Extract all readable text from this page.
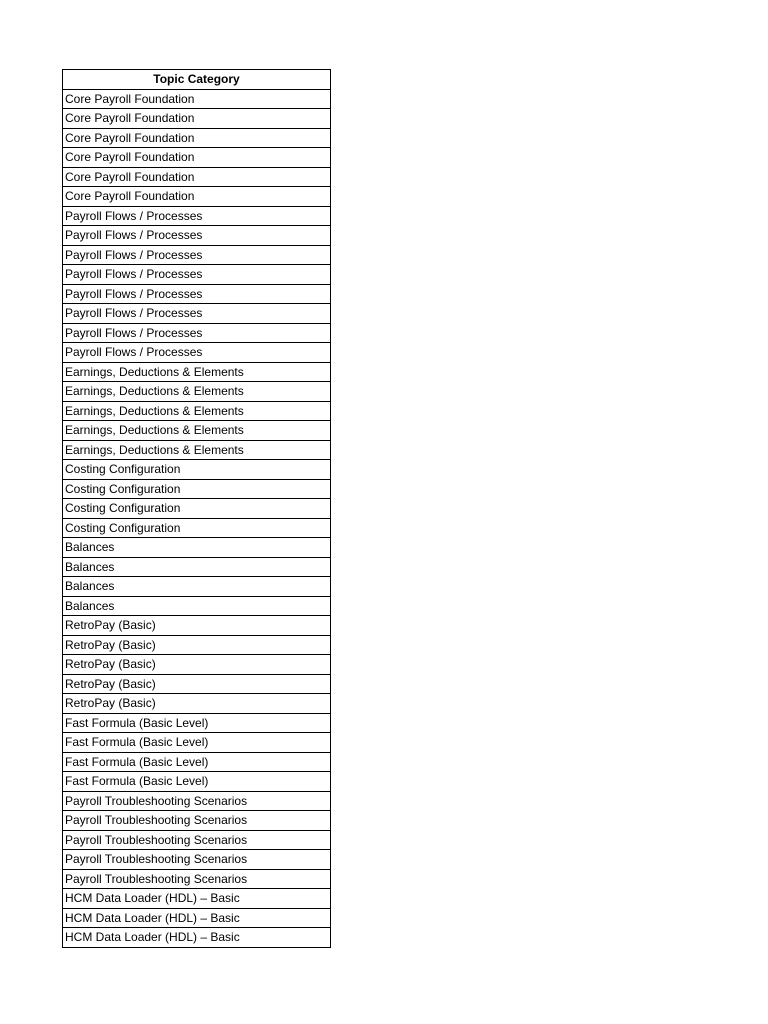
Topic Category
Core Payroll Foundation
Core Payroll Foundation
Core Payroll Foundation
Core Payroll Foundation
Core Payroll Foundation
Core Payroll Foundation
Payroll Flows / Processes
Payroll Flows / Processes
Payroll Flows / Processes
Payroll Flows / Processes
Payroll Flows / Processes
Payroll Flows / Processes
Payroll Flows / Processes
Payroll Flows / Processes
Earnings, Deductions & Elements
Earnings, Deductions & Elements
Earnings, Deductions & Elements
Earnings, Deductions & Elements
Earnings, Deductions & Elements
Costing Configuration
Costing Configuration
Costing Configuration
Costing Configuration
Balances
Balances
Balances
Balances
RetroPay (Basic)
RetroPay (Basic)
RetroPay (Basic)
RetroPay (Basic)
RetroPay (Basic)
Fast Formula (Basic Level)
Fast Formula (Basic Level)
Fast Formula (Basic Level)
Fast Formula (Basic Level)
Payroll Troubleshooting Scenarios
Payroll Troubleshooting Scenarios
Payroll Troubleshooting Scenarios
Payroll Troubleshooting Scenarios
Payroll Troubleshooting Scenarios
HCM Data Loader (HDL) – Basic
HCM Data Loader (HDL) – Basic
HCM Data Loader (HDL) – Basic
